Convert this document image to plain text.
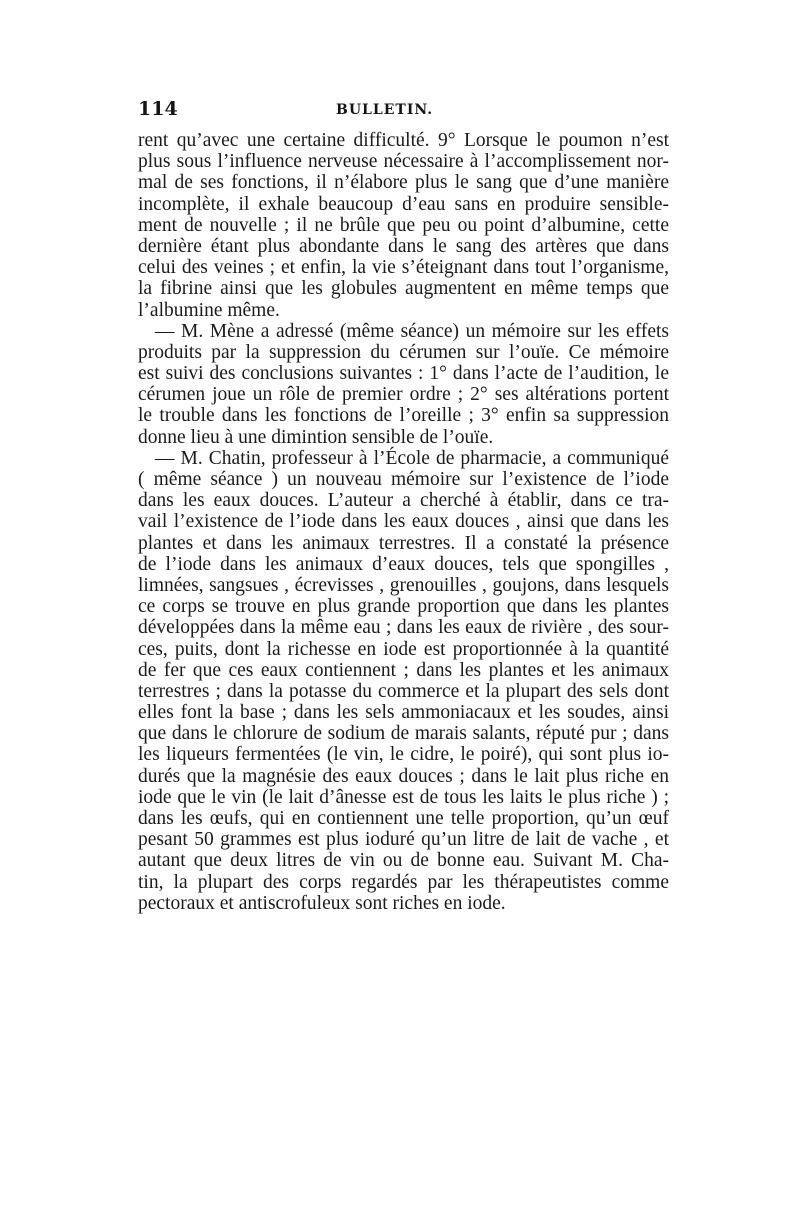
114	BULLETIN.
rent qu’avec une certaine difficulté. 9° Lorsque le poumon n’est
plus sous l’influence nerveuse nécessaire à l’accomplissement nor-
mal de ses fonctions, il n’élabore plus le sang que d’une manière
incomplète, il exhale beaucoup d’eau sans en produire sensible-
ment de nouvelle ; il ne brûle que peu ou point d’albumine, cette
dernière étant plus abondante dans le sang des artères que dans
celui des veines ; et enfin, la vie s’éteignant dans tout l’organisme,
la fibrine ainsi que les globules augmentent en même temps que
l’albumine même.
— M. Mène a adressé (même séance) un mémoire sur les effets
produits par la suppression du cérumen sur l’ouïe. Ce mémoire
est suivi des conclusions suivantes : 1° dans l’acte de l’audition, le
cérumen joue un rôle de premier ordre ; 2° ses altérations portent
le trouble dans les fonctions de l’oreille ; 3° enfin sa suppression
donne lieu à une dimintion sensible de l’ouïe.
— M. Chatin, professeur à l’École de pharmacie, a communiqué
( même séance ) un nouveau mémoire sur l’existence de l’iode
dans les eaux douces. L’auteur a cherché à établir, dans ce tra-
vail l’existence de l’iode dans les eaux douces , ainsi que dans les
plantes et dans les animaux terrestres. Il a constaté la présence
de l’iode dans les animaux d’eaux douces, tels que spongilles ,
limnées, sangsues , écrevisses , grenouilles , goujons, dans lesquels
ce corps se trouve en plus grande proportion que dans les plantes
développées dans la même eau ; dans les eaux de rivière , des sour-
ces, puits, dont la richesse en iode est proportionnée à la quantité
de fer que ces eaux contiennent ; dans les plantes et les animaux
terrestres ; dans la potasse du commerce et la plupart des sels dont
elles font la base ; dans les sels ammoniacaux et les soudes, ainsi
que dans le chlorure de sodium de marais salants, réputé pur ; dans
les liqueurs fermentées (le vin, le cidre, le poiré), qui sont plus io-
durés que la magnésie des eaux douces ; dans le lait plus riche en
iode que le vin (le lait d’ânesse est de tous les laits le plus riche ) ;
dans les œufs, qui en contiennent une telle proportion, qu’un œuf
pesant 50 grammes est plus ioduré qu’un litre de lait de vache , et
autant que deux litres de vin ou de bonne eau. Suivant M. Cha-
tin, la plupart des corps regardés par les thérapeutistes comme
pectoraux et antiscrofuleux sont riches en iode.
